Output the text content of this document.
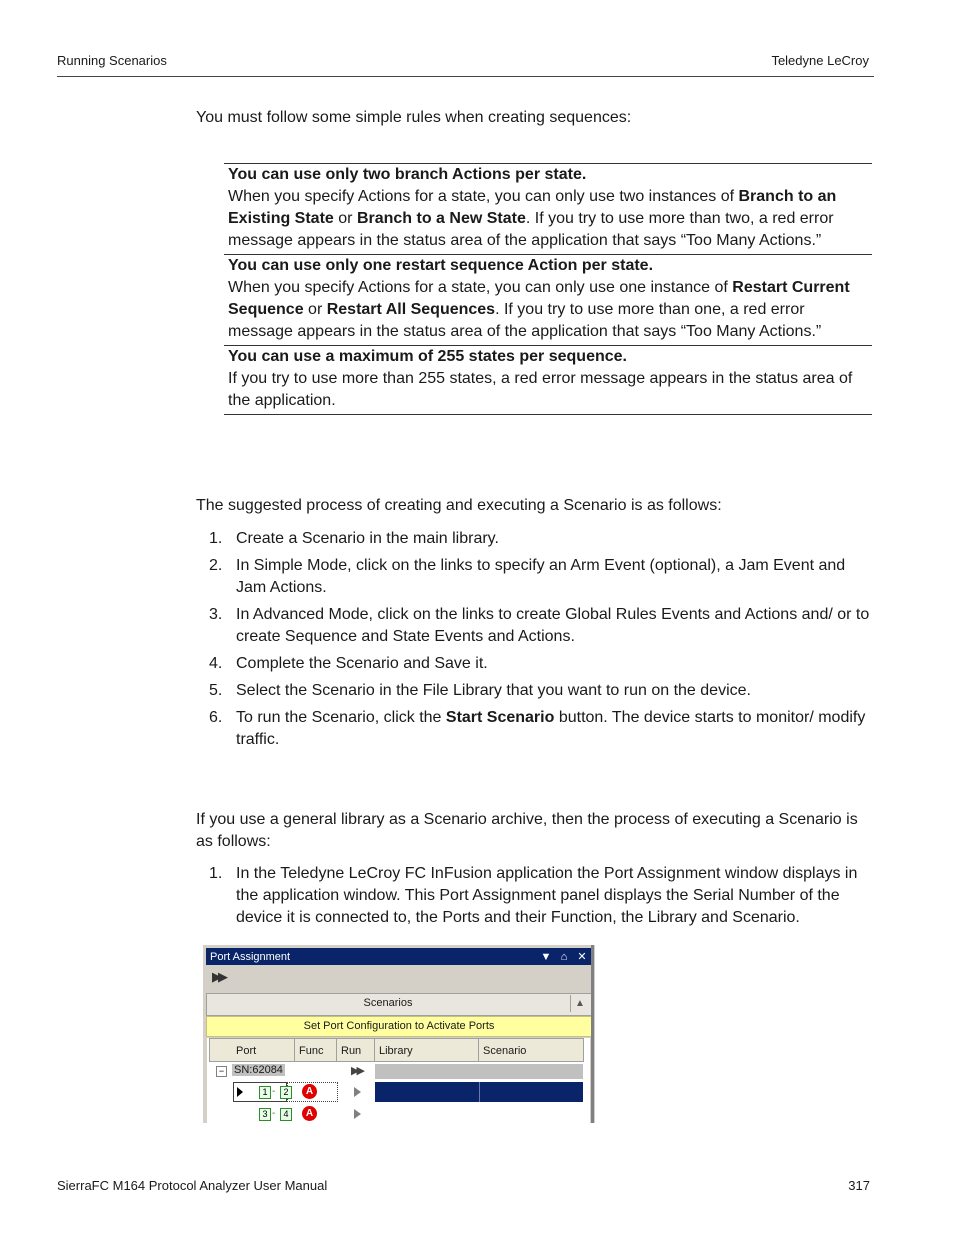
Running Scenarios	Teledyne LeCroy
You must follow some simple rules when creating sequences:
You can use only two branch Actions per state.
When you specify Actions for a state, you can only use two instances of Branch to an Existing State or Branch to a New State. If you try to use more than two, a red error message appears in the status area of the application that says “Too Many Actions.”
You can use only one restart sequence Action per state.
When you specify Actions for a state, you can only use one instance of Restart Current Sequence or Restart All Sequences. If you try to use more than one, a red error message appears in the status area of the application that says “Too Many Actions.”
You can use a maximum of 255 states per sequence.
If you try to use more than 255 states, a red error message appears in the status area of the application.
The suggested process of creating and executing a Scenario is as follows:
1. Create a Scenario in the main library.
2. In Simple Mode, click on the links to specify an Arm Event (optional), a Jam Event and Jam Actions.
3. In Advanced Mode, click on the links to create Global Rules Events and Actions and/ or to create Sequence and State Events and Actions.
4. Complete the Scenario and Save it.
5. Select the Scenario in the File Library that you want to run on the device.
6. To run the Scenario, click the Start Scenario button. The device starts to monitor/ modify traffic.
If you use a general library as a Scenario archive, then the process of executing a Scenario is as follows:
1. In the Teledyne LeCroy FC InFusion application the Port Assignment window displays in the application window. This Port Assignment panel displays the Serial Number of the device it is connected to, the Ports and their Function, the Library and Scenario.
Port Assignment	▼ ⌂ ✕
▶▶
Scenarios	▲
Set Port Configuration to Activate Ports
Port	Func	Run	Library	Scenario
− SN:62084	▶▶
1 - 2	A
3 - 4	A
SierraFC M164 Protocol Analyzer User Manual	317
